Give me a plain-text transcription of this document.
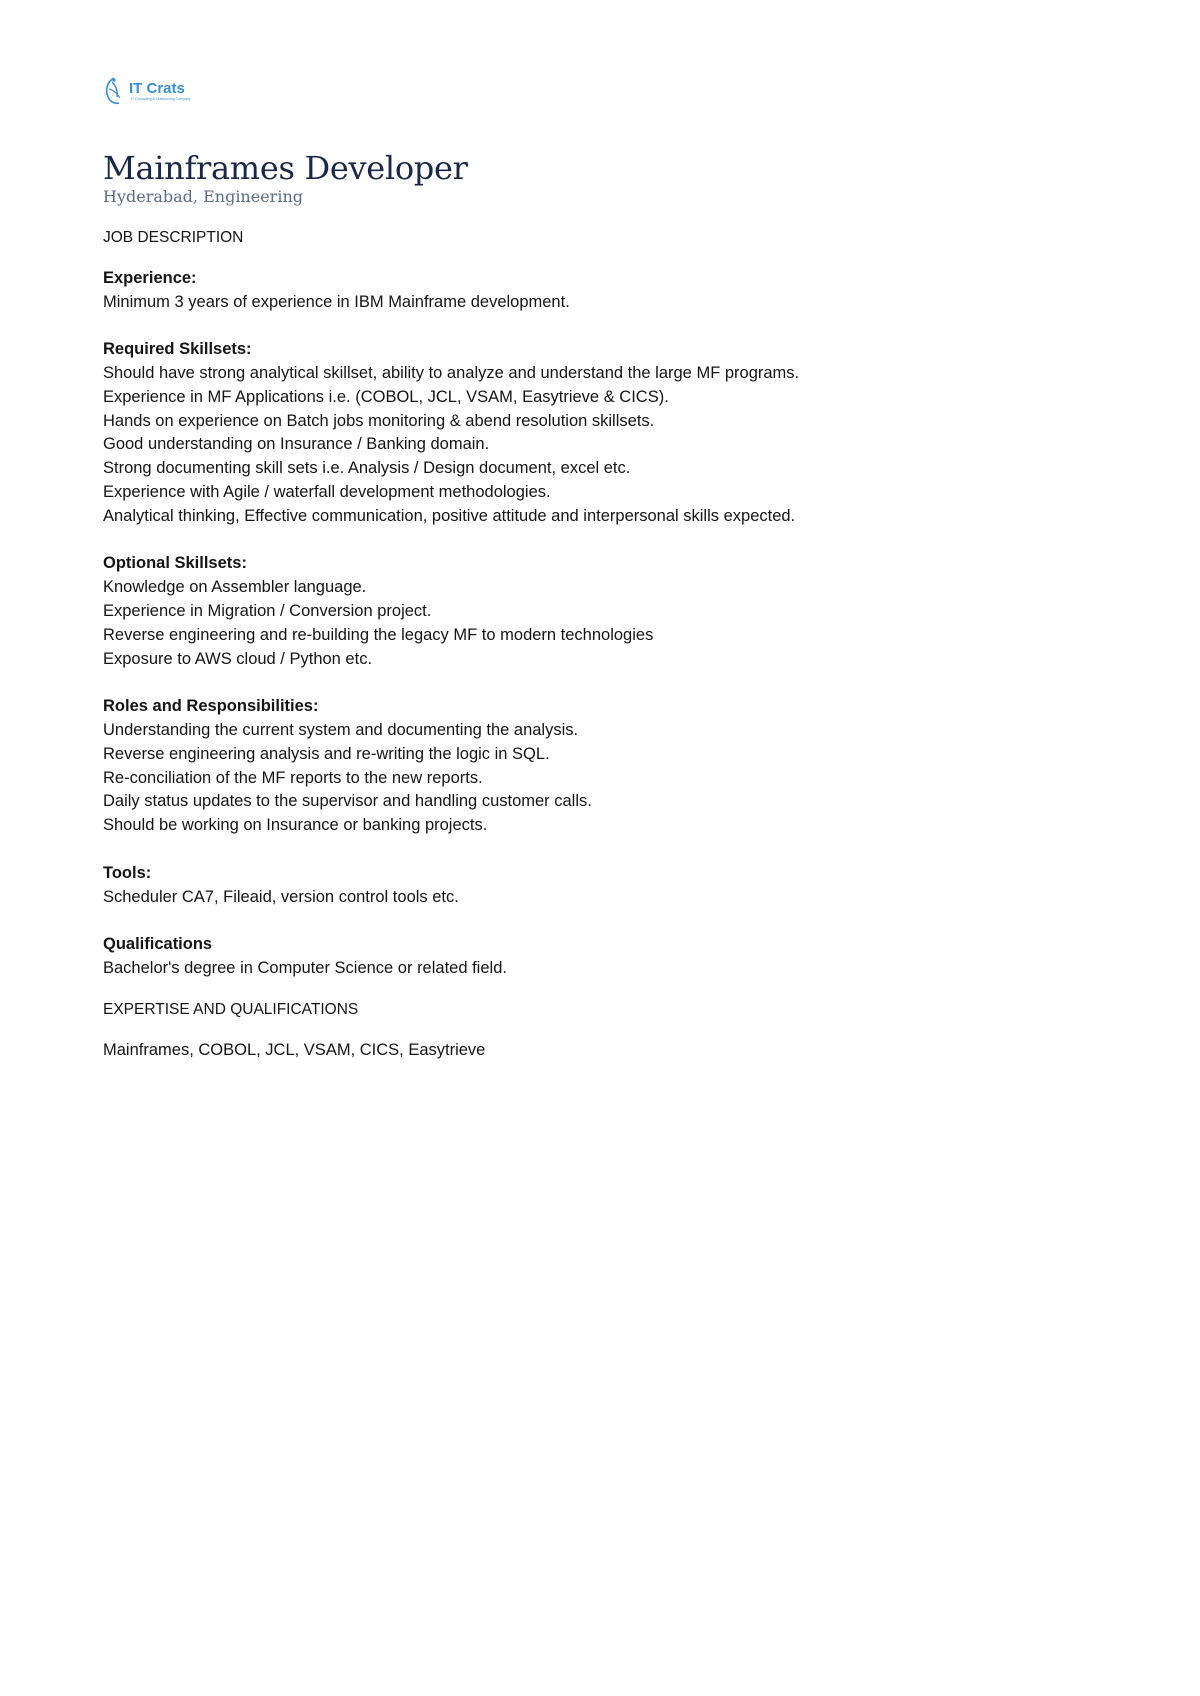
IT Crats
IT Consulting & Outsourcing Company
Mainframes Developer
Hyderabad, Engineering
JOB DESCRIPTION
Experience:
Minimum 3 years of experience in IBM Mainframe development.
Required Skillsets:
Should have strong analytical skillset, ability to analyze and understand the large MF programs.
Experience in MF Applications i.e. (COBOL, JCL, VSAM, Easytrieve & CICS).
Hands on experience on Batch jobs monitoring & abend resolution skillsets.
Good understanding on Insurance / Banking domain.
Strong documenting skill sets i.e. Analysis / Design document, excel etc.
Experience with Agile / waterfall development methodologies.
Analytical thinking, Effective communication, positive attitude and interpersonal skills expected.
Optional Skillsets:
Knowledge on Assembler language.
Experience in Migration / Conversion project.
Reverse engineering and re-building the legacy MF to modern technologies
Exposure to AWS cloud / Python etc.
Roles and Responsibilities:
Understanding the current system and documenting the analysis.
Reverse engineering analysis and re-writing the logic in SQL.
Re-conciliation of the MF reports to the new reports.
Daily status updates to the supervisor and handling customer calls.
Should be working on Insurance or banking projects.
Tools:
Scheduler CA7, Fileaid, version control tools etc.
Qualifications
Bachelor's degree in Computer Science or related field.
EXPERTISE AND QUALIFICATIONS
Mainframes, COBOL, JCL, VSAM, CICS, Easytrieve
